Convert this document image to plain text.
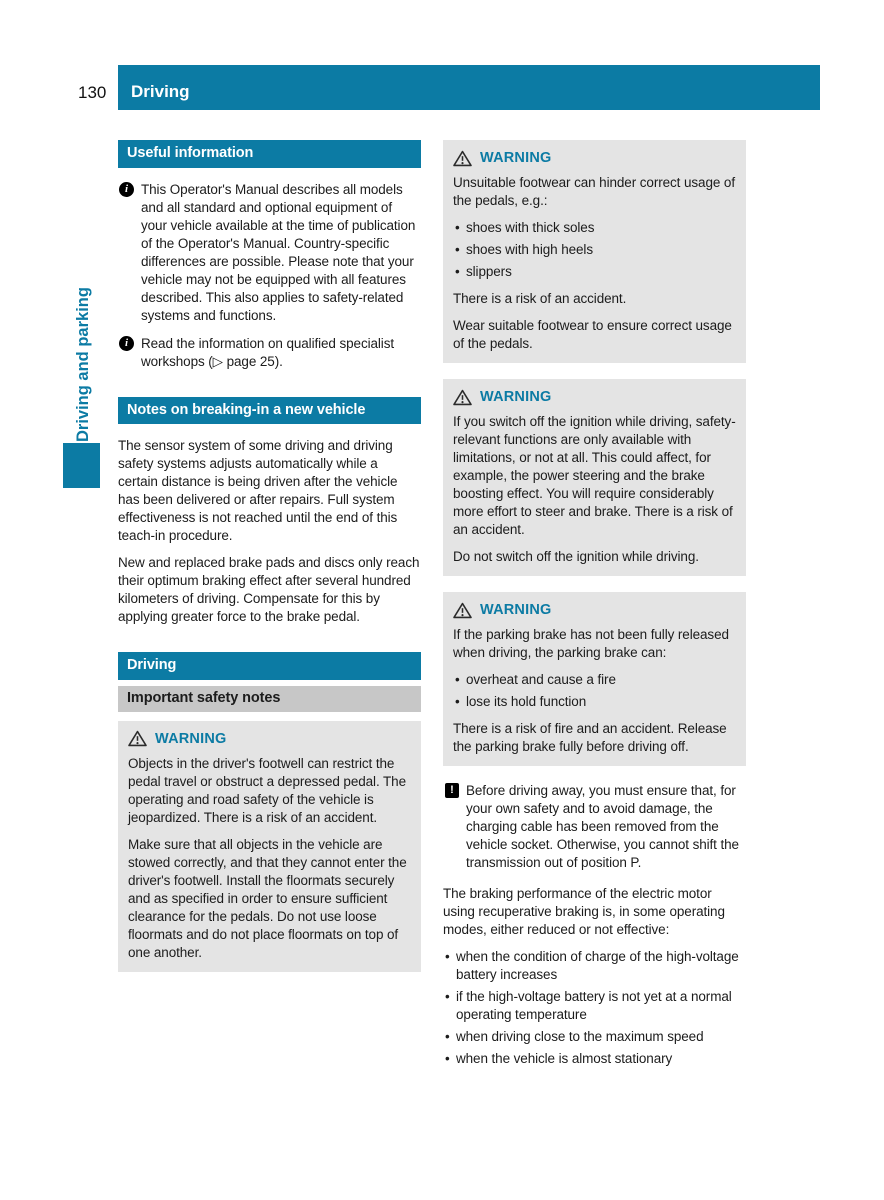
130	Driving
Driving and parking
Useful information
i

This Operator's Manual describes all models and all standard and optional equipment of your vehicle available at the time of publication of the Operator's Manual. Country-specific differences are possible. Please note that your vehicle may not be equipped with all features described. This also applies to safety-related systems and functions.

i

Read the information on qualified specialist workshops (▷ page 25).

Notes on breaking-in a new vehicle

The sensor system of some driving and driving safety systems adjusts automatically while a certain distance is being driven after the vehicle has been delivered or after repairs. Full system effectiveness is not reached until the end of this teach-in procedure.

New and replaced brake pads and discs only reach their optimum braking effect after several hundred kilometers of driving. Compensate for this by applying greater force to the brake pedal.

Driving
Important safety notes
WARNING

Objects in the driver's footwell can restrict the pedal travel or obstruct a depressed pedal. The operating and road safety of the vehicle is jeopardized. There is a risk of an accident.

Make sure that all objects in the vehicle are stowed correctly, and that they cannot enter the driver's footwell. Install the floormats securely and as specified in order to ensure sufficient clearance for the pedals. Do not use loose floormats and do not place floormats on top of one another.

WARNING

Unsuitable footwear can hinder correct usage of the pedals, e.g.:

• shoes with thick soles
• shoes with high heels
• slippers

There is a risk of an accident.

Wear suitable footwear to ensure correct usage of the pedals.

WARNING

If you switch off the ignition while driving, safety-relevant functions are only available with limitations, or not at all. This could affect, for example, the power steering and the brake boosting effect. You will require considerably more effort to steer and brake. There is a risk of an accident.

Do not switch off the ignition while driving.

WARNING

If the parking brake has not been fully released when driving, the parking brake can:

• overheat and cause a fire
• lose its hold function

There is a risk of fire and an accident. Release the parking brake fully before driving off.

!

Before driving away, you must ensure that, for your own safety and to avoid damage, the charging cable has been removed from the vehicle socket. Otherwise, you cannot shift the transmission out of position P.

The braking performance of the electric motor using recuperative braking is, in some operating modes, either reduced or not effective:

• when the condition of charge of the high-voltage battery increases
• if the high-voltage battery is not yet at a normal operating temperature
• when driving close to the maximum speed
• when the vehicle is almost stationary
